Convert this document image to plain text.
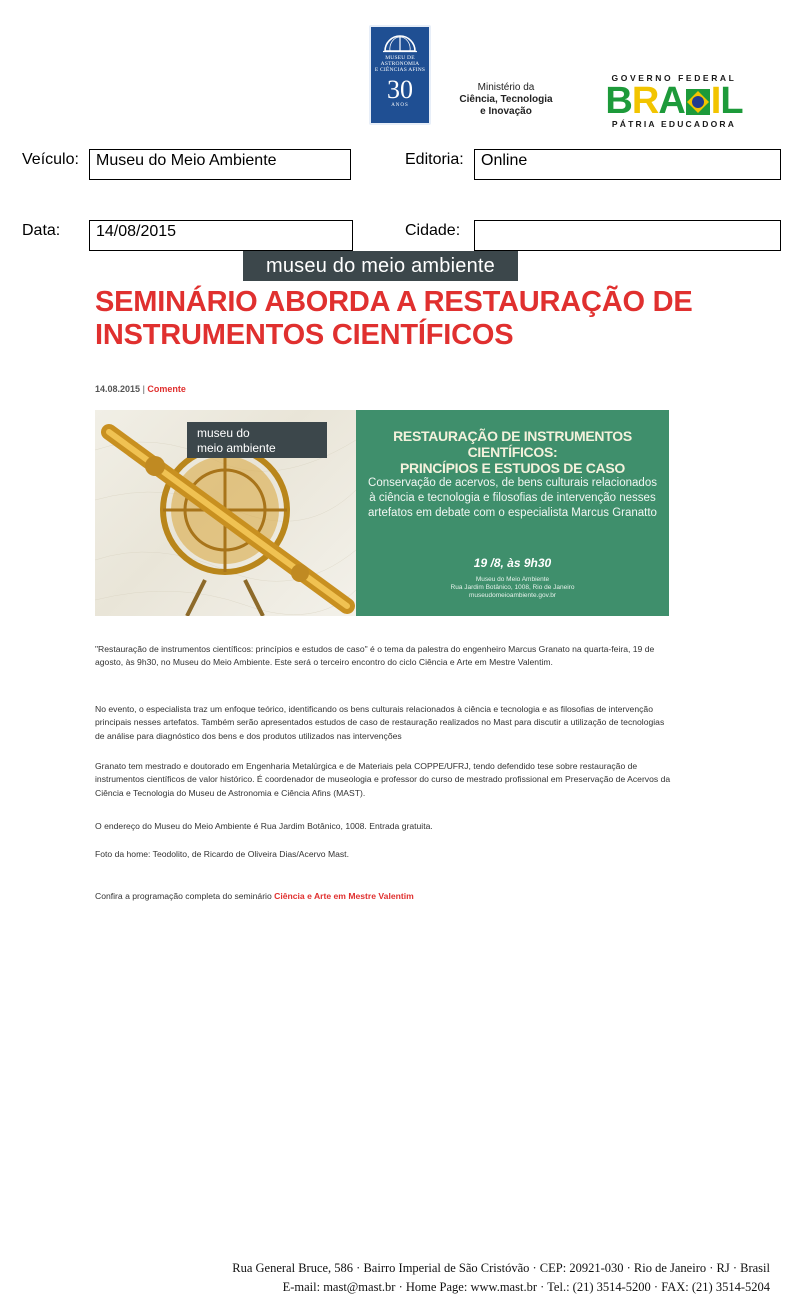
MUSEU DE
ASTRONOMIA
E CIÊNCIAS AFINS
30
ANOS
Ministério da
Ciência, Tecnologia
e Inovação
GOVERNO FEDERAL
B R A I L
PÁTRIA EDUCADORA
Veículo:	Museu do Meio Ambiente	Editoria:	Online
Data:	14/08/2015	Cidade:
museu do meio ambiente
SEMINÁRIO ABORDA A RESTAURAÇÃO DE INSTRUMENTOS CIENTÍFICOS
14.08.2015 | Comente
museu do
meio ambiente
RESTAURAÇÃO DE INSTRUMENTOS CIENTÍFICOS:
PRINCÍPIOS E ESTUDOS DE CASO
Conservação de acervos, de bens culturais relacionados à ciência e tecnologia e filosofias de intervenção nesses artefatos em debate com o especialista Marcus Granatto
19 /8, às 9h30
Museu do Meio Ambiente
Rua Jardim Botânico, 1008, Rio de Janeiro
museudomeioambiente.gov.br
"Restauração de instrumentos científicos: princípios e estudos de caso" é o tema da palestra do engenheiro Marcus Granato na quarta-feira, 19 de agosto, às 9h30, no Museu do Meio Ambiente. Este será o terceiro encontro do ciclo Ciência e Arte em Mestre Valentim.
No evento, o especialista traz um enfoque teórico, identificando os bens culturais relacionados à ciência e tecnologia e as filosofias de intervenção principais nesses artefatos. Também serão apresentados estudos de caso de restauração realizados no Mast para discutir a utilização de tecnologias de análise para diagnóstico dos bens e dos produtos utilizados nas intervenções
Granato tem mestrado e doutorado em Engenharia Metalúrgica e de Materiais pela COPPE/UFRJ, tendo defendido tese sobre restauração de instrumentos científicos de valor histórico. É coordenador de museologia e professor do curso de mestrado profissional em Preservação de Acervos da Ciência e Tecnologia do Museu de Astronomia e Ciência Afins (MAST).
O endereço do Museu do Meio Ambiente é Rua Jardim Botânico, 1008. Entrada gratuita.
Foto da home: Teodolito, de Ricardo de Oliveira Dias/Acervo Mast.
Confira a programação completa do seminário Ciência e Arte em Mestre Valentim
Rua General Bruce, 586 · Bairro Imperial de São Cristóvão · CEP: 20921-030 · Rio de Janeiro · RJ · Brasil
E-mail: mast@mast.br · Home Page: www.mast.br · Tel.: (21) 3514-5200 · FAX: (21) 3514-5204
